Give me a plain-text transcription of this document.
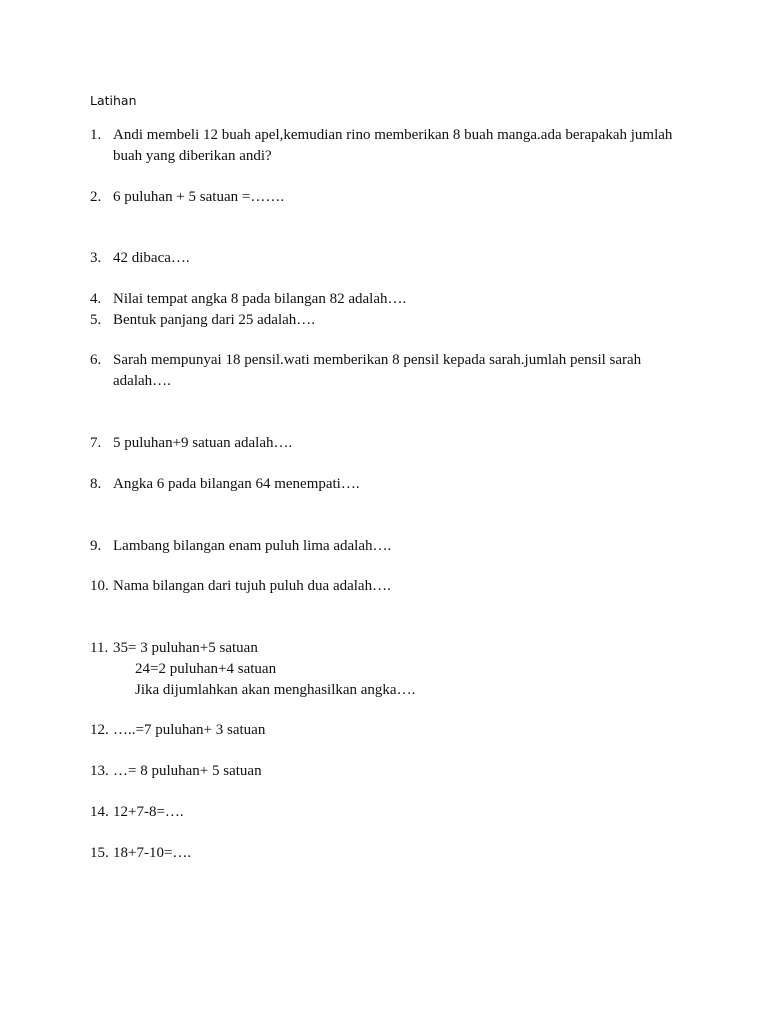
Latihan
1. Andi membeli 12 buah apel,kemudian rino memberikan 8 buah manga.ada berapakah jumlah
buah yang diberikan andi?
2. 6 puluhan + 5 satuan =…….
3. 42 dibaca….
4. Nilai tempat angka 8 pada bilangan 82 adalah….
5. Bentuk panjang dari 25 adalah….
6. Sarah mempunyai 18 pensil.wati memberikan 8 pensil kepada sarah.jumlah pensil sarah
adalah….
7. 5 puluhan+9 satuan adalah….
8. Angka 6 pada bilangan 64 menempati….
9. Lambang bilangan enam puluh lima adalah….
10. Nama bilangan dari tujuh puluh dua adalah….
11. 35= 3 puluhan+5 satuan
24=2 puluhan+4 satuan
Jika dijumlahkan akan menghasilkan angka….
12. …..=7 puluhan+ 3 satuan
13. …= 8 puluhan+ 5 satuan
14. 12+7-8=….
15. 18+7-10=….
